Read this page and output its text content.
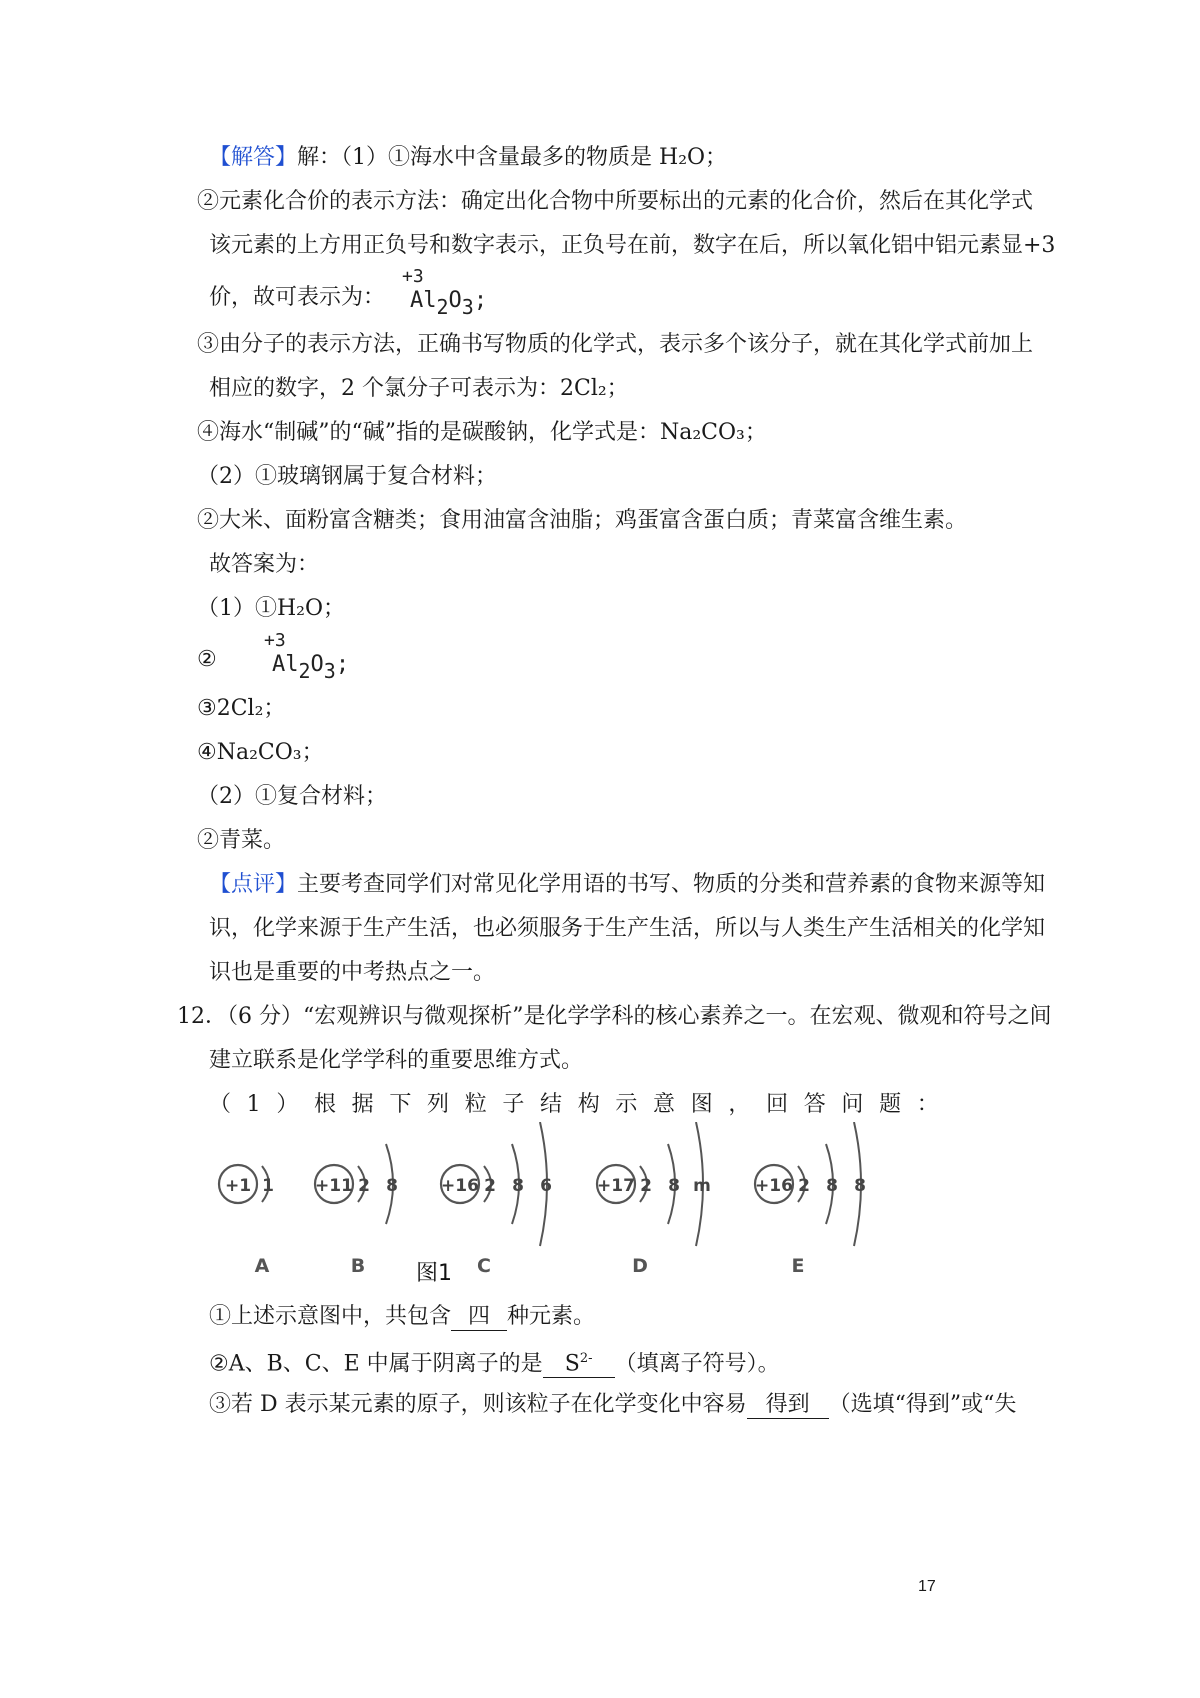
【解答】解：（1）①海水中含量最多的物质是 H₂O；
②元素化合价的表示方法：确定出化合物中所要标出的元素的化合价，然后在其化学式
该元素的上方用正负号和数字表示，正负号在前，数字在后，所以氧化铝中铝元素显+3
价，故可表示为：
+3
Al2O3;
③由分子的表示方法，正确书写物质的化学式，表示多个该分子，就在其化学式前加上
相应的数字，2 个氯分子可表示为：2Cl₂；
④海水“制碱”的“碱”指的是碳酸钠，化学式是：Na₂CO₃；
（2）①玻璃钢属于复合材料；
②大米、面粉富含糖类；食用油富含油脂；鸡蛋富含蛋白质；青菜富含维生素。
故答案为：
（1）①H₂O；
②
+3
Al2O3;
③2Cl₂；
④Na₂CO₃；
（2）①复合材料；
②青菜。
【点评】主要考查同学们对常见化学用语的书写、物质的分类和营养素的食物来源等知
识，化学来源于生产生活，也必须服务于生产生活，所以与人类生产生活相关的化学知
识也是重要的中考热点之一。
12．（6 分）“宏观辨识与微观探析”是化学学科的核心素养之一。在宏观、微观和符号之间
建立联系是化学学科的重要思维方式。
（ 1 ） 根 据 下 列 粒 子 结 构 示 意 图 ， 回 答 问 题 ：
+1 1
A
+11 2 8
B
+16 2 8 6
C
+17 2 8 m
D
+16 2 8 8
E
图1
①上述示意图中，共包含 四 种元素。
②A、B、C、E 中属于阴离子的是 $S^{2-}$ （填离子符号）。
③若 D 表示某元素的原子，则该粒子在化学变化中容易 得到 （选填“得到”或“失
17
